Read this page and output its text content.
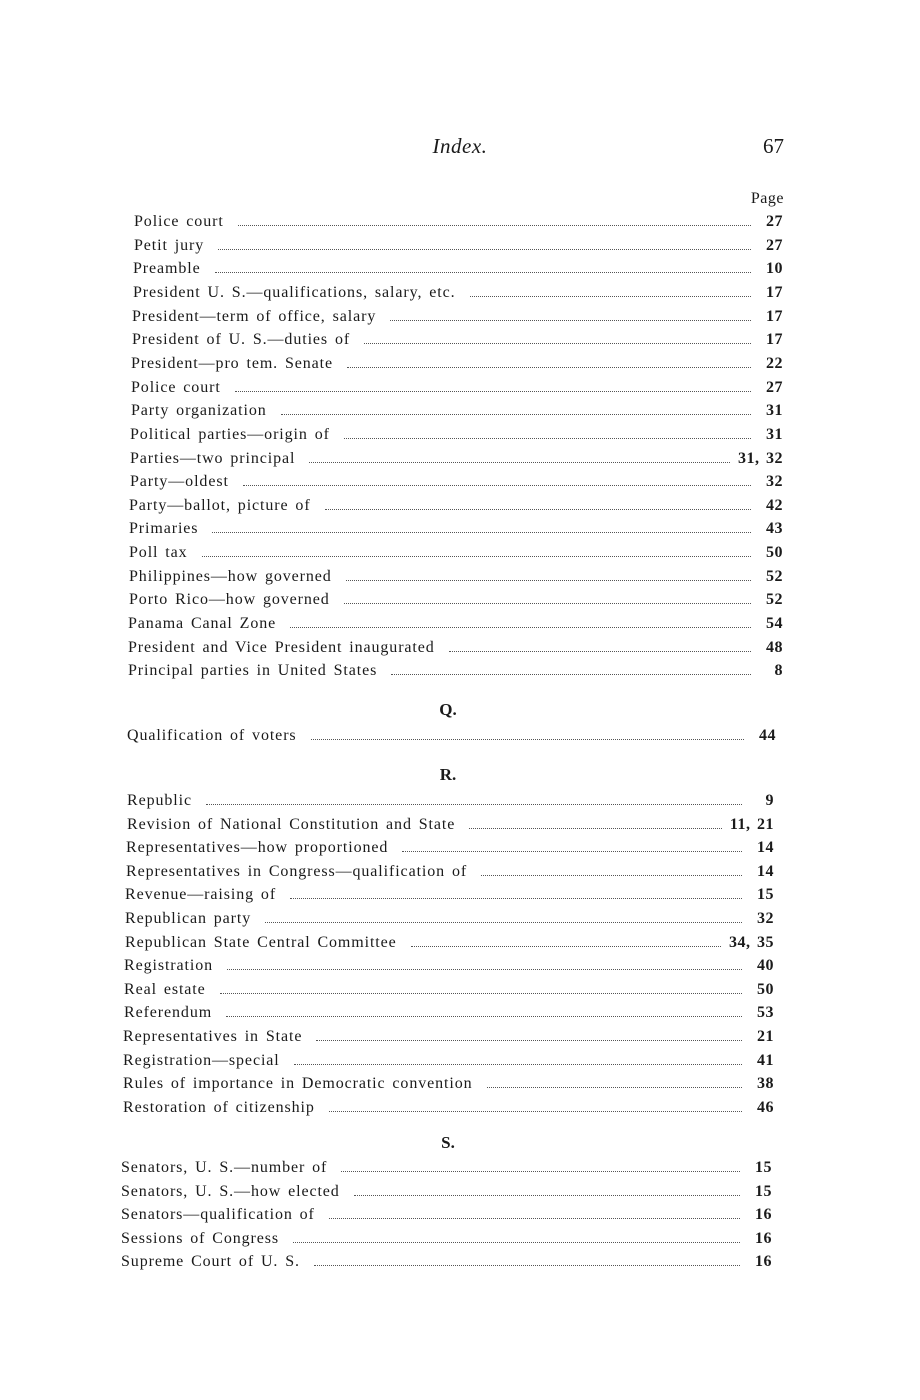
Index.	67
Page
Police court	27
Petit jury	27
Preamble	10
President U. S.—qualifications, salary, etc.	17
President—term of office, salary	17
President of U. S.—duties of	17
President—pro tem. Senate	22
Police court	27
Party organization	31
Political parties—origin of	31
Parties—two principal	31, 32
Party—oldest	32
Party—ballot, picture of	42
Primaries	43
Poll tax	50
Philippines—how governed	52
Porto Rico—how governed	52
Panama Canal Zone	54
President and Vice President inaugurated	48
Principal parties in United States	8
Q.
Qualification of voters	44
R.
Republic	9
Revision of National Constitution and State	11, 21
Representatives—how proportioned	14
Representatives in Congress—qualification of	14
Revenue—raising of	15
Republican party	32
Republican State Central Committee	34, 35
Registration	40
Real estate	50
Referendum	53
Representatives in State	21
Registration—special	41
Rules of importance in Democratic convention	38
Restoration of citizenship	46
S.
Senators, U. S.—number of	15
Senators, U. S.—how elected	15
Senators—qualification of	16
Sessions of Congress	16
Supreme Court of U. S.	16
